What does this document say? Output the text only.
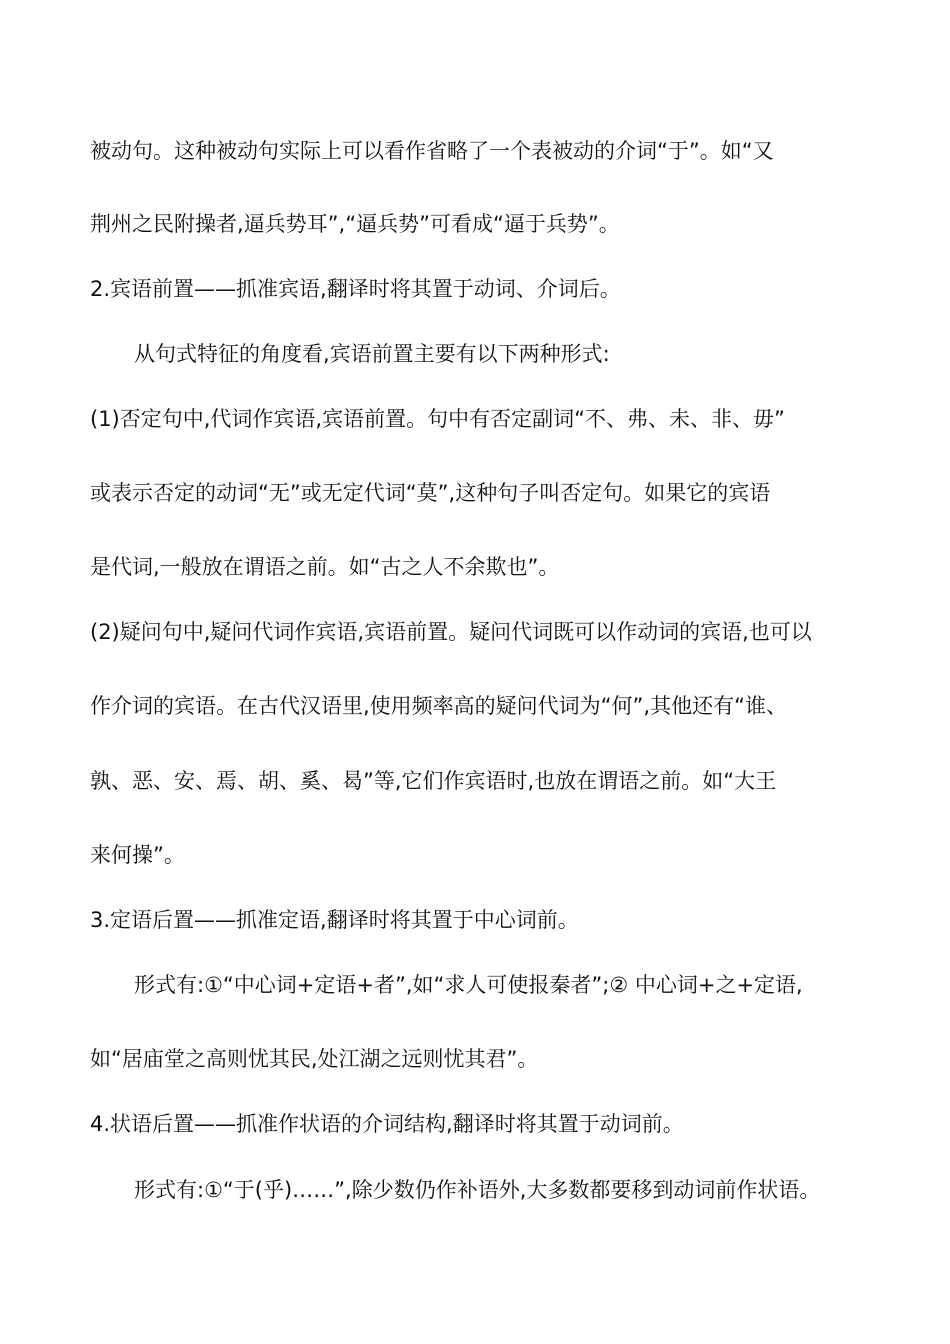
被动句。这种被动句实际上可以看作省略了一个表被动的介词“于”。如“又
荆州之民附操者,逼兵势耳”,“逼兵势”可看成“逼于兵势”。
2.宾语前置——抓准宾语,翻译时将其置于动词、介词后。
从句式特征的角度看,宾语前置主要有以下两种形式:
(1)否定句中,代词作宾语,宾语前置。句中有否定副词“不、弗、未、非、毋”
或表示否定的动词“无”或无定代词“莫”,这种句子叫否定句。如果它的宾语
是代词,一般放在谓语之前。如“古之人不余欺也”。
(2)疑问句中,疑问代词作宾语,宾语前置。疑问代词既可以作动词的宾语,也可以
作介词的宾语。在古代汉语里,使用频率高的疑问代词为“何”,其他还有“谁、
孰、恶、安、焉、胡、奚、曷”等,它们作宾语时,也放在谓语之前。如“大王
来何操”。
3.定语后置——抓准定语,翻译时将其置于中心词前。
形式有:①“中心词+定语+者”,如“求人可使报秦者”;② 中心词+之+定语,
如“居庙堂之高则忧其民,处江湖之远则忧其君”。
4.状语后置——抓准作状语的介词结构,翻译时将其置于动词前。
形式有:①“于(乎)……”,除少数仍作补语外,大多数都要移到动词前作状语。
